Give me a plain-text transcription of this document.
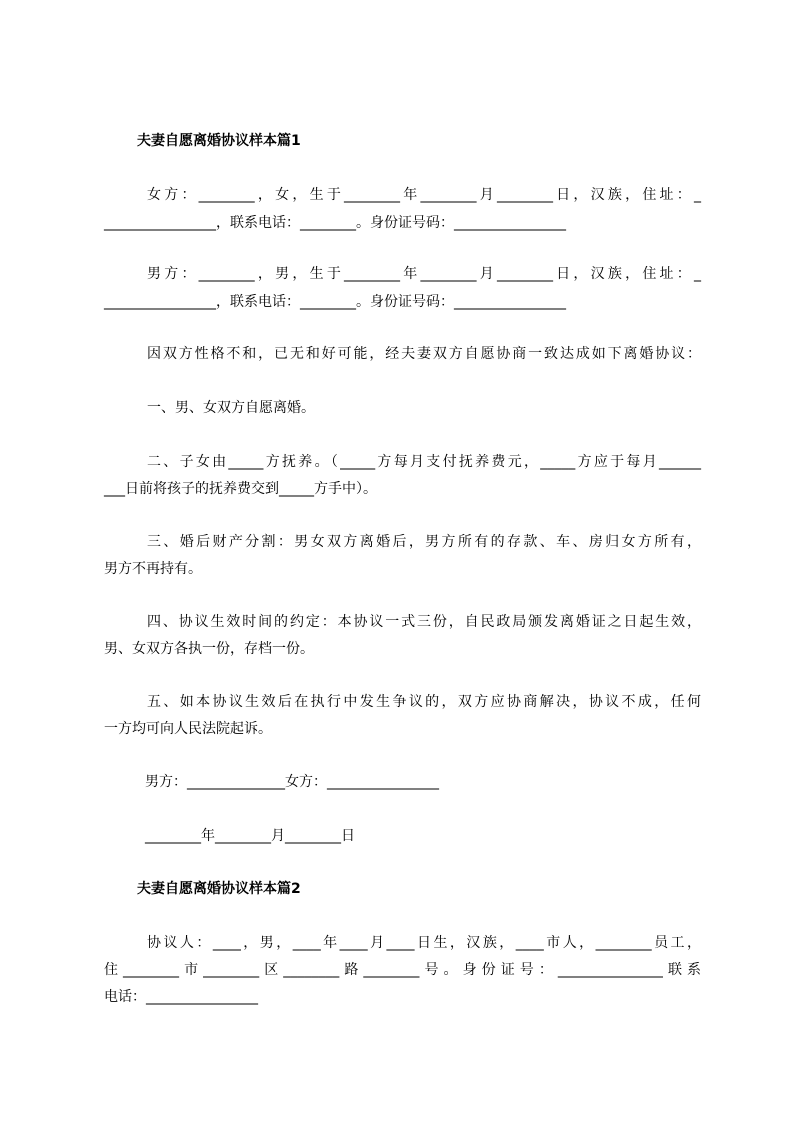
夫妻自愿离婚协议样本篇1
女方：________，女，生于________年________月________日，汉族，住址：_
________________，联系电话：________。身份证号码：________________
男方：________，男，生于________年________月________日，汉族，住址：_
________________，联系电话：________。身份证号码：________________
因双方性格不和，已无和好可能，经夫妻双方自愿协商一致达成如下离婚协议：
一、男、女双方自愿离婚。
二、子女由_____方抚养。（_____方每月支付抚养费元，_____方应于每月______
___日前将孩子的抚养费交到_____方手中）。
三、婚后财产分割：男女双方离婚后，男方所有的存款、车、房归女方所有，
男方不再持有。
四、协议生效时间的约定：本协议一式三份，自民政局颁发离婚证之日起生效，
男、女双方各执一份，存档一份。
五、如本协议生效后在执行中发生争议的，双方应协商解决，协议不成，任何
一方均可向人民法院起诉。
男方：______________女方：________________
________年________月________日
夫妻自愿离婚协议样本篇2
协议人：____，男，____年____月____日生，汉族，____市人，________员工，
住________市________区________路________号。身份证号：_______________联系
电话：________________
